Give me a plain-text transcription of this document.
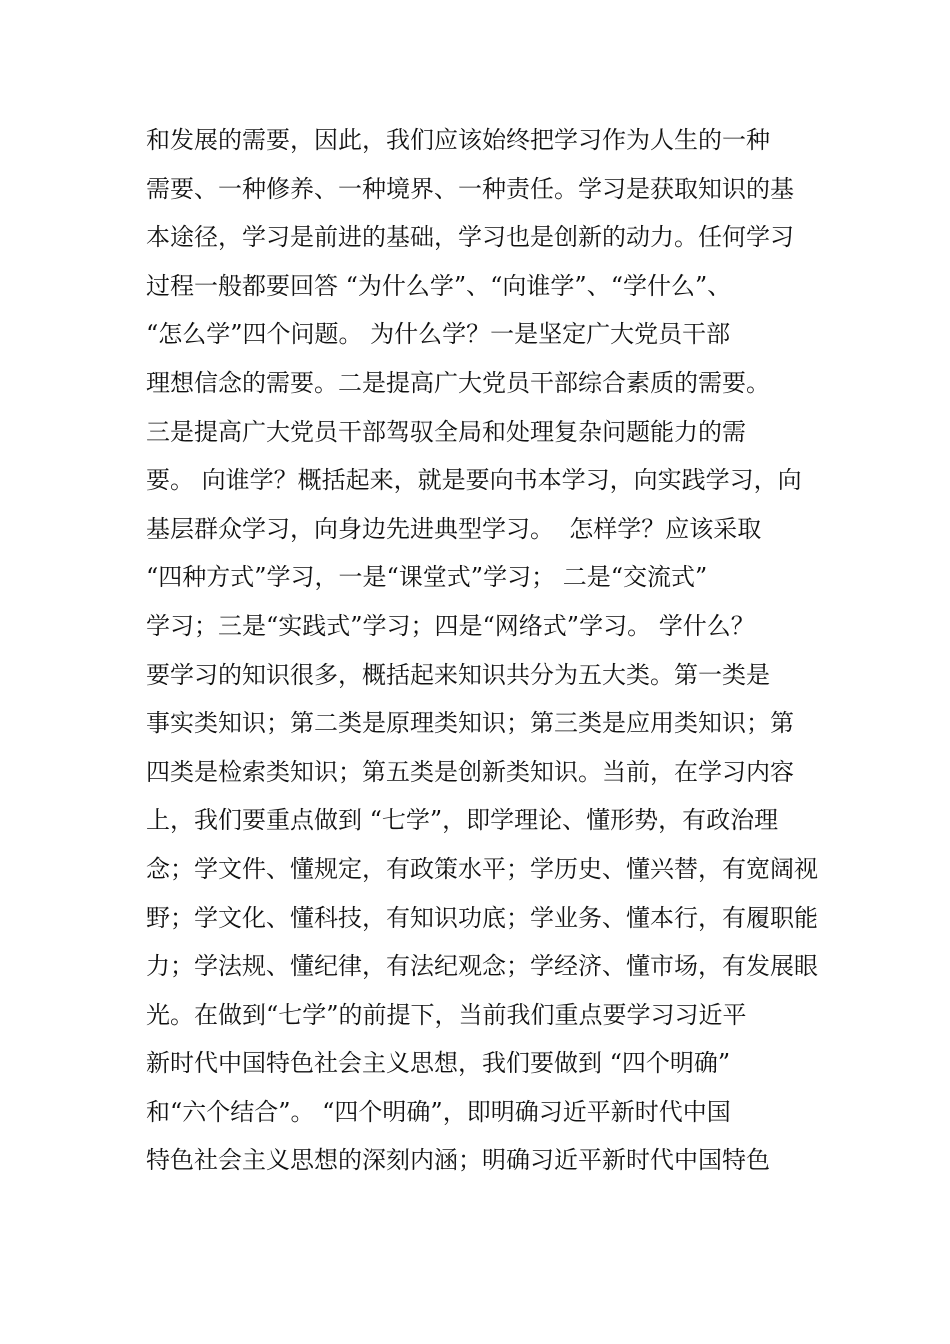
和发展的需要，因此，我们应该始终把学习作为人生的一种
需要、一种修养、一种境界、一种责任。学习是获取知识的基
本途径，学习是前进的基础，学习也是创新的动力。任何学习
过程一般都要回答 “为什么学”、“向谁学”、“学什么”、
“怎么学”四个问题。 为什么学？一是坚定广大党员干部
理想信念的需要。二是提高广大党员干部综合素质的需要。
三是提高广大党员干部驾驭全局和处理复杂问题能力的需
要。 向谁学？概括起来，就是要向书本学习，向实践学习，向
基层群众学习，向身边先进典型学习。  怎样学？应该采取
“四种方式”学习，一是“课堂式”学习； 二是“交流式”
学习；三是“实践式”学习；四是“网络式”学习。 学什么？
要学习的知识很多，概括起来知识共分为五大类。第一类是
事实类知识；第二类是原理类知识；第三类是应用类知识；第
四类是检索类知识；第五类是创新类知识。当前，在学习内容
上，我们要重点做到 “七学”，即学理论、懂形势，有政治理
念；学文件、懂规定，有政策水平；学历史、懂兴替，有宽阔视
野；学文化、懂科技，有知识功底；学业务、懂本行，有履职能
力；学法规、懂纪律，有法纪观念；学经济、懂市场，有发展眼
光。在做到“七学”的前提下，当前我们重点要学习习近平
新时代中国特色社会主义思想，我们要做到 “四个明确”
和“六个结合”。 “四个明确”，即明确习近平新时代中国
特色社会主义思想的深刻内涵；明确习近平新时代中国特色
